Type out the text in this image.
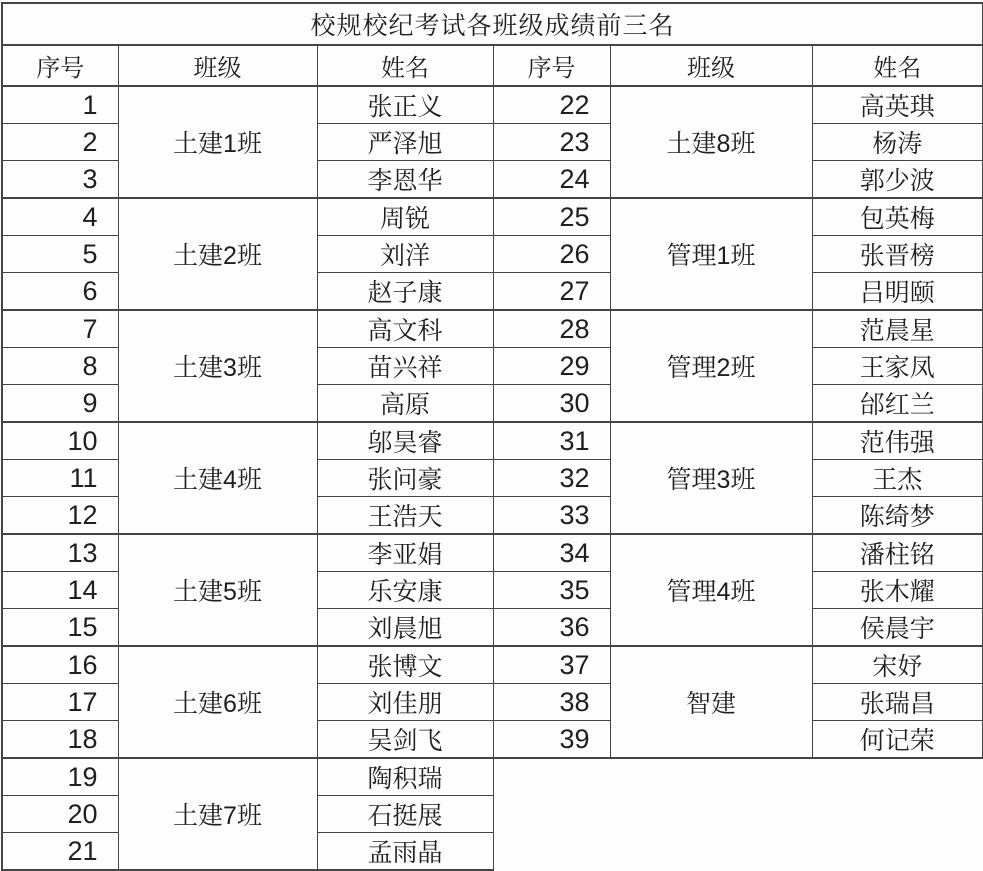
校规校纪考试各班级成绩前三名					
序号	班级	姓名	序号	班级	姓名
1	土建1班	张正义	22	土建8班	高英琪
2		严泽旭	23		杨涛
3		李恩华	24		郭少波
4	土建2班	周锐	25	管理1班	包英梅
5		刘洋	26		张晋榜
6		赵子康	27		吕明颐
7	土建3班	高文科	28	管理2班	范晨星
8		苗兴祥	29		王家凤
9		高原	30		邰红兰
10	土建4班	邬昊睿	31	管理3班	范伟强
11		张问豪	32		王杰
12		王浩天	33		陈绮梦
13	土建5班	李亚娟	34	管理4班	潘柱铭
14		乐安康	35		张木耀
15		刘晨旭	36		侯晨宇
16	土建6班	张博文	37	智建	宋妤
17		刘佳朋	38		张瑞昌
18		吴剑飞	39		何记荣
19	土建7班	陶积瑞			
20		石挺展			
21		孟雨晶			
